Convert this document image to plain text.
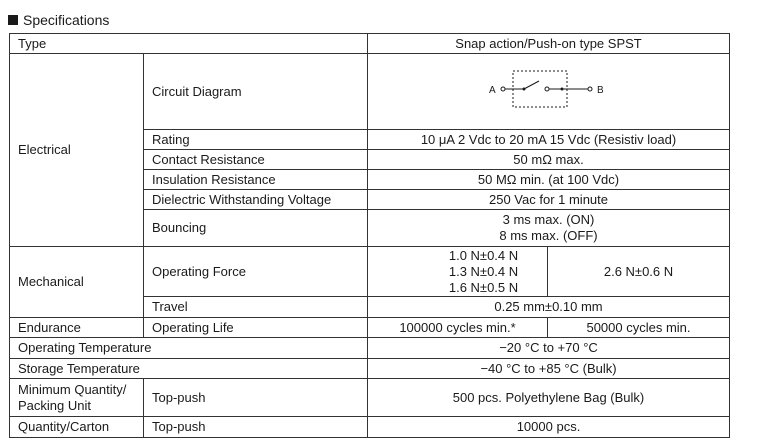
Specifications
Type		Snap action/Push-on type SPST	
Electrical	Circuit Diagram	A B	

	Rating	10 μA 2 Vdc to 20 mA 15 Vdc (Resistiv load)	
	Contact Resistance	50 mΩ max.	
	Insulation Resistance	50 MΩ min. (at 100 Vdc)	
	Dielectric Withstanding Voltage	250 Vac for 1 minute	
	Bouncing	3 ms max. (ON)
8 ms max. (OFF)	

Mechanical	Operating Force	1.0 N±0.4 N
1.3 N±0.4 N
1.6 N±0.5 N	2.6 N±0.6 N
	Travel	0.25 mm±0.10 mm	
Endurance	Operating Life	100000 cycles min.*	50000 cycles min.
Operating Temperature		−20 °C to +70 °C	
Storage Temperature		−40 °C to +85 °C (Bulk)	
Minimum Quantity/ Packing Unit	Top-push	500 pcs. Polyethylene Bag (Bulk)	
Quantity/Carton	Top-push	10000 pcs.	
